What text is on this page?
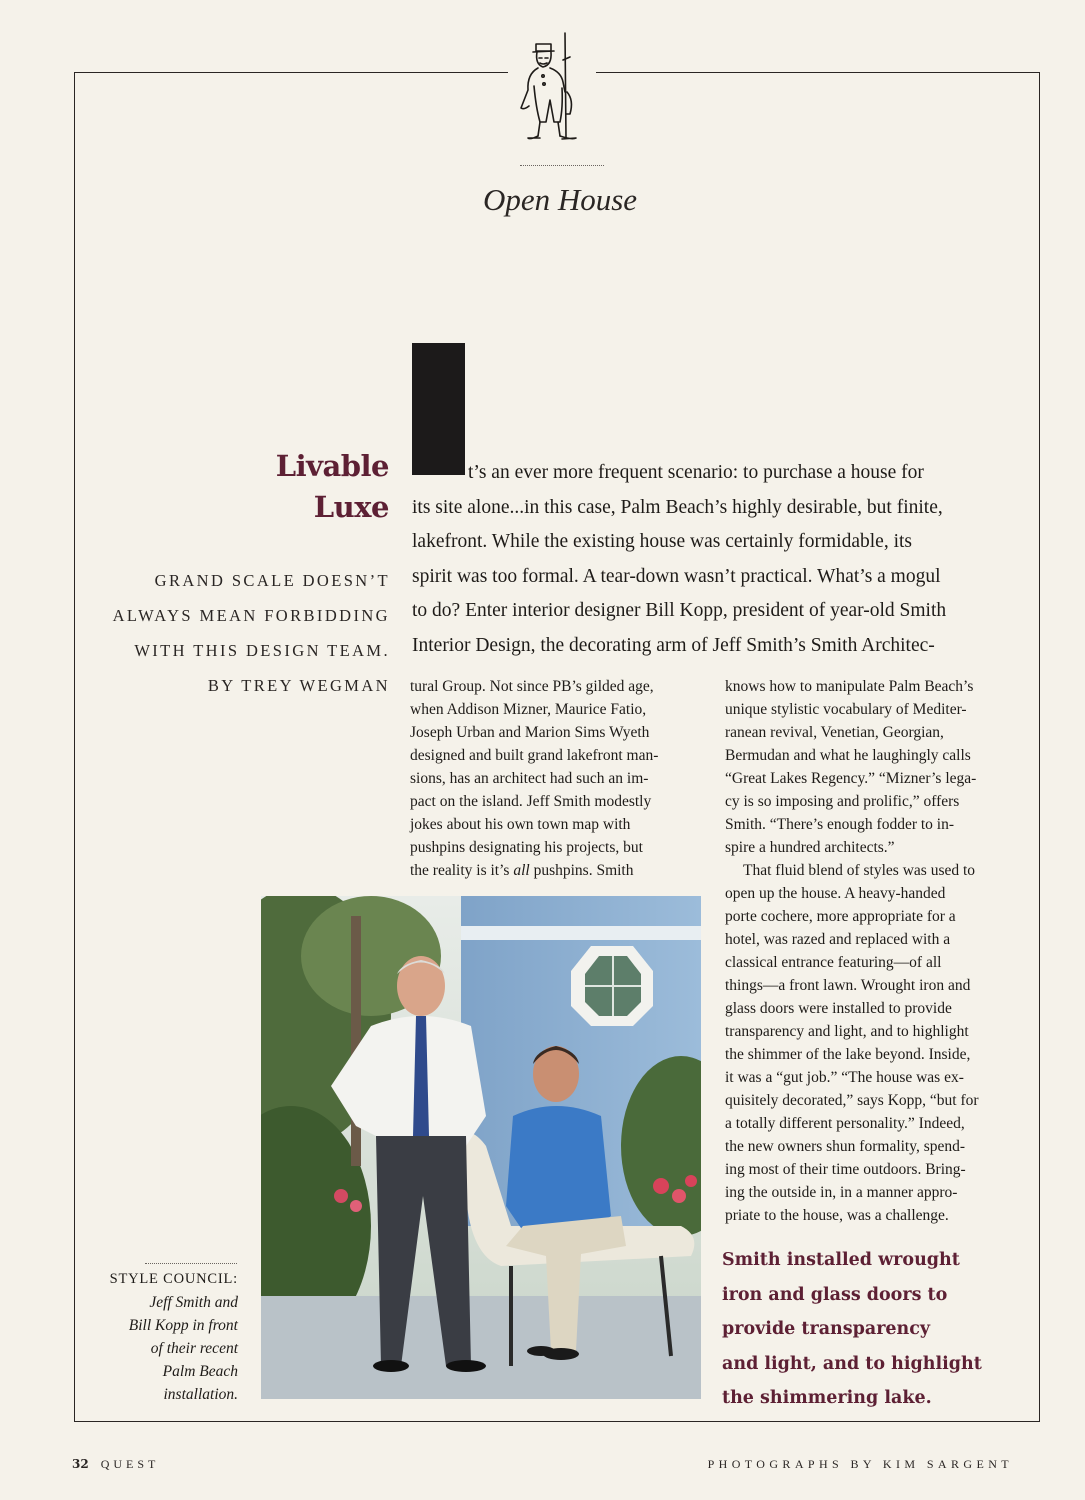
Open House
Livable
Luxe
GRAND SCALE DOESN’T
ALWAYS MEAN FORBIDDING
WITH THIS DESIGN TEAM.
BY TREY WEGMAN

t’s an ever more frequent scenario: to purchase a house for

its site alone...in this case, Palm Beach’s highly desirable, but finite,

lakefront. While the existing house was certainly formidable, its

spirit was too formal. A tear-down wasn’t practical. What’s a mogul

to do? Enter interior designer Bill Kopp, president of year-old Smith

Interior Design, the decorating arm of Jeff Smith’s Smith Architec-

tural Group. Not since PB’s gilded age,

when Addison Mizner, Maurice Fatio,

Joseph Urban and Marion Sims Wyeth

designed and built grand lakefront man-

sions, has an architect had such an im-

pact on the island. Jeff Smith modestly

jokes about his own town map with

pushpins designating his projects, but

the reality is it’s all pushpins. Smith

knows how to manipulate Palm Beach’s

unique stylistic vocabulary of Mediter-

ranean revival, Venetian, Georgian,

Bermudan and what he laughingly calls

“Great Lakes Regency.” “Mizner’s lega-

cy is so imposing and prolific,” offers

Smith. “There’s enough fodder to in-

spire a hundred architects.”

That fluid blend of styles was used to

open up the house. A heavy-handed

porte cochere, more appropriate for a

hotel, was razed and replaced with a

classical entrance featuring—of all

things—a front lawn. Wrought iron and

glass doors were installed to provide

transparency and light, and to highlight

the shimmer of the lake beyond. Inside,

it was a “gut job.” “The house was ex-

quisitely decorated,” says Kopp, “but for

a totally different personality.” Indeed,

the new owners shun formality, spend-

ing most of their time outdoors. Bring-

ing the outside in, in a manner appro-

priate to the house, was a challenge.

Smith installed wrought

iron and glass doors to

provide transparency

and light, and to highlight

the shimmering lake.

STYLE COUNCIL:
Jeff Smith and
Bill Kopp in front
of their recent
Palm Beach
installation.
32 QUEST	PHOTOGRAPHS BY KIM SARGENT
